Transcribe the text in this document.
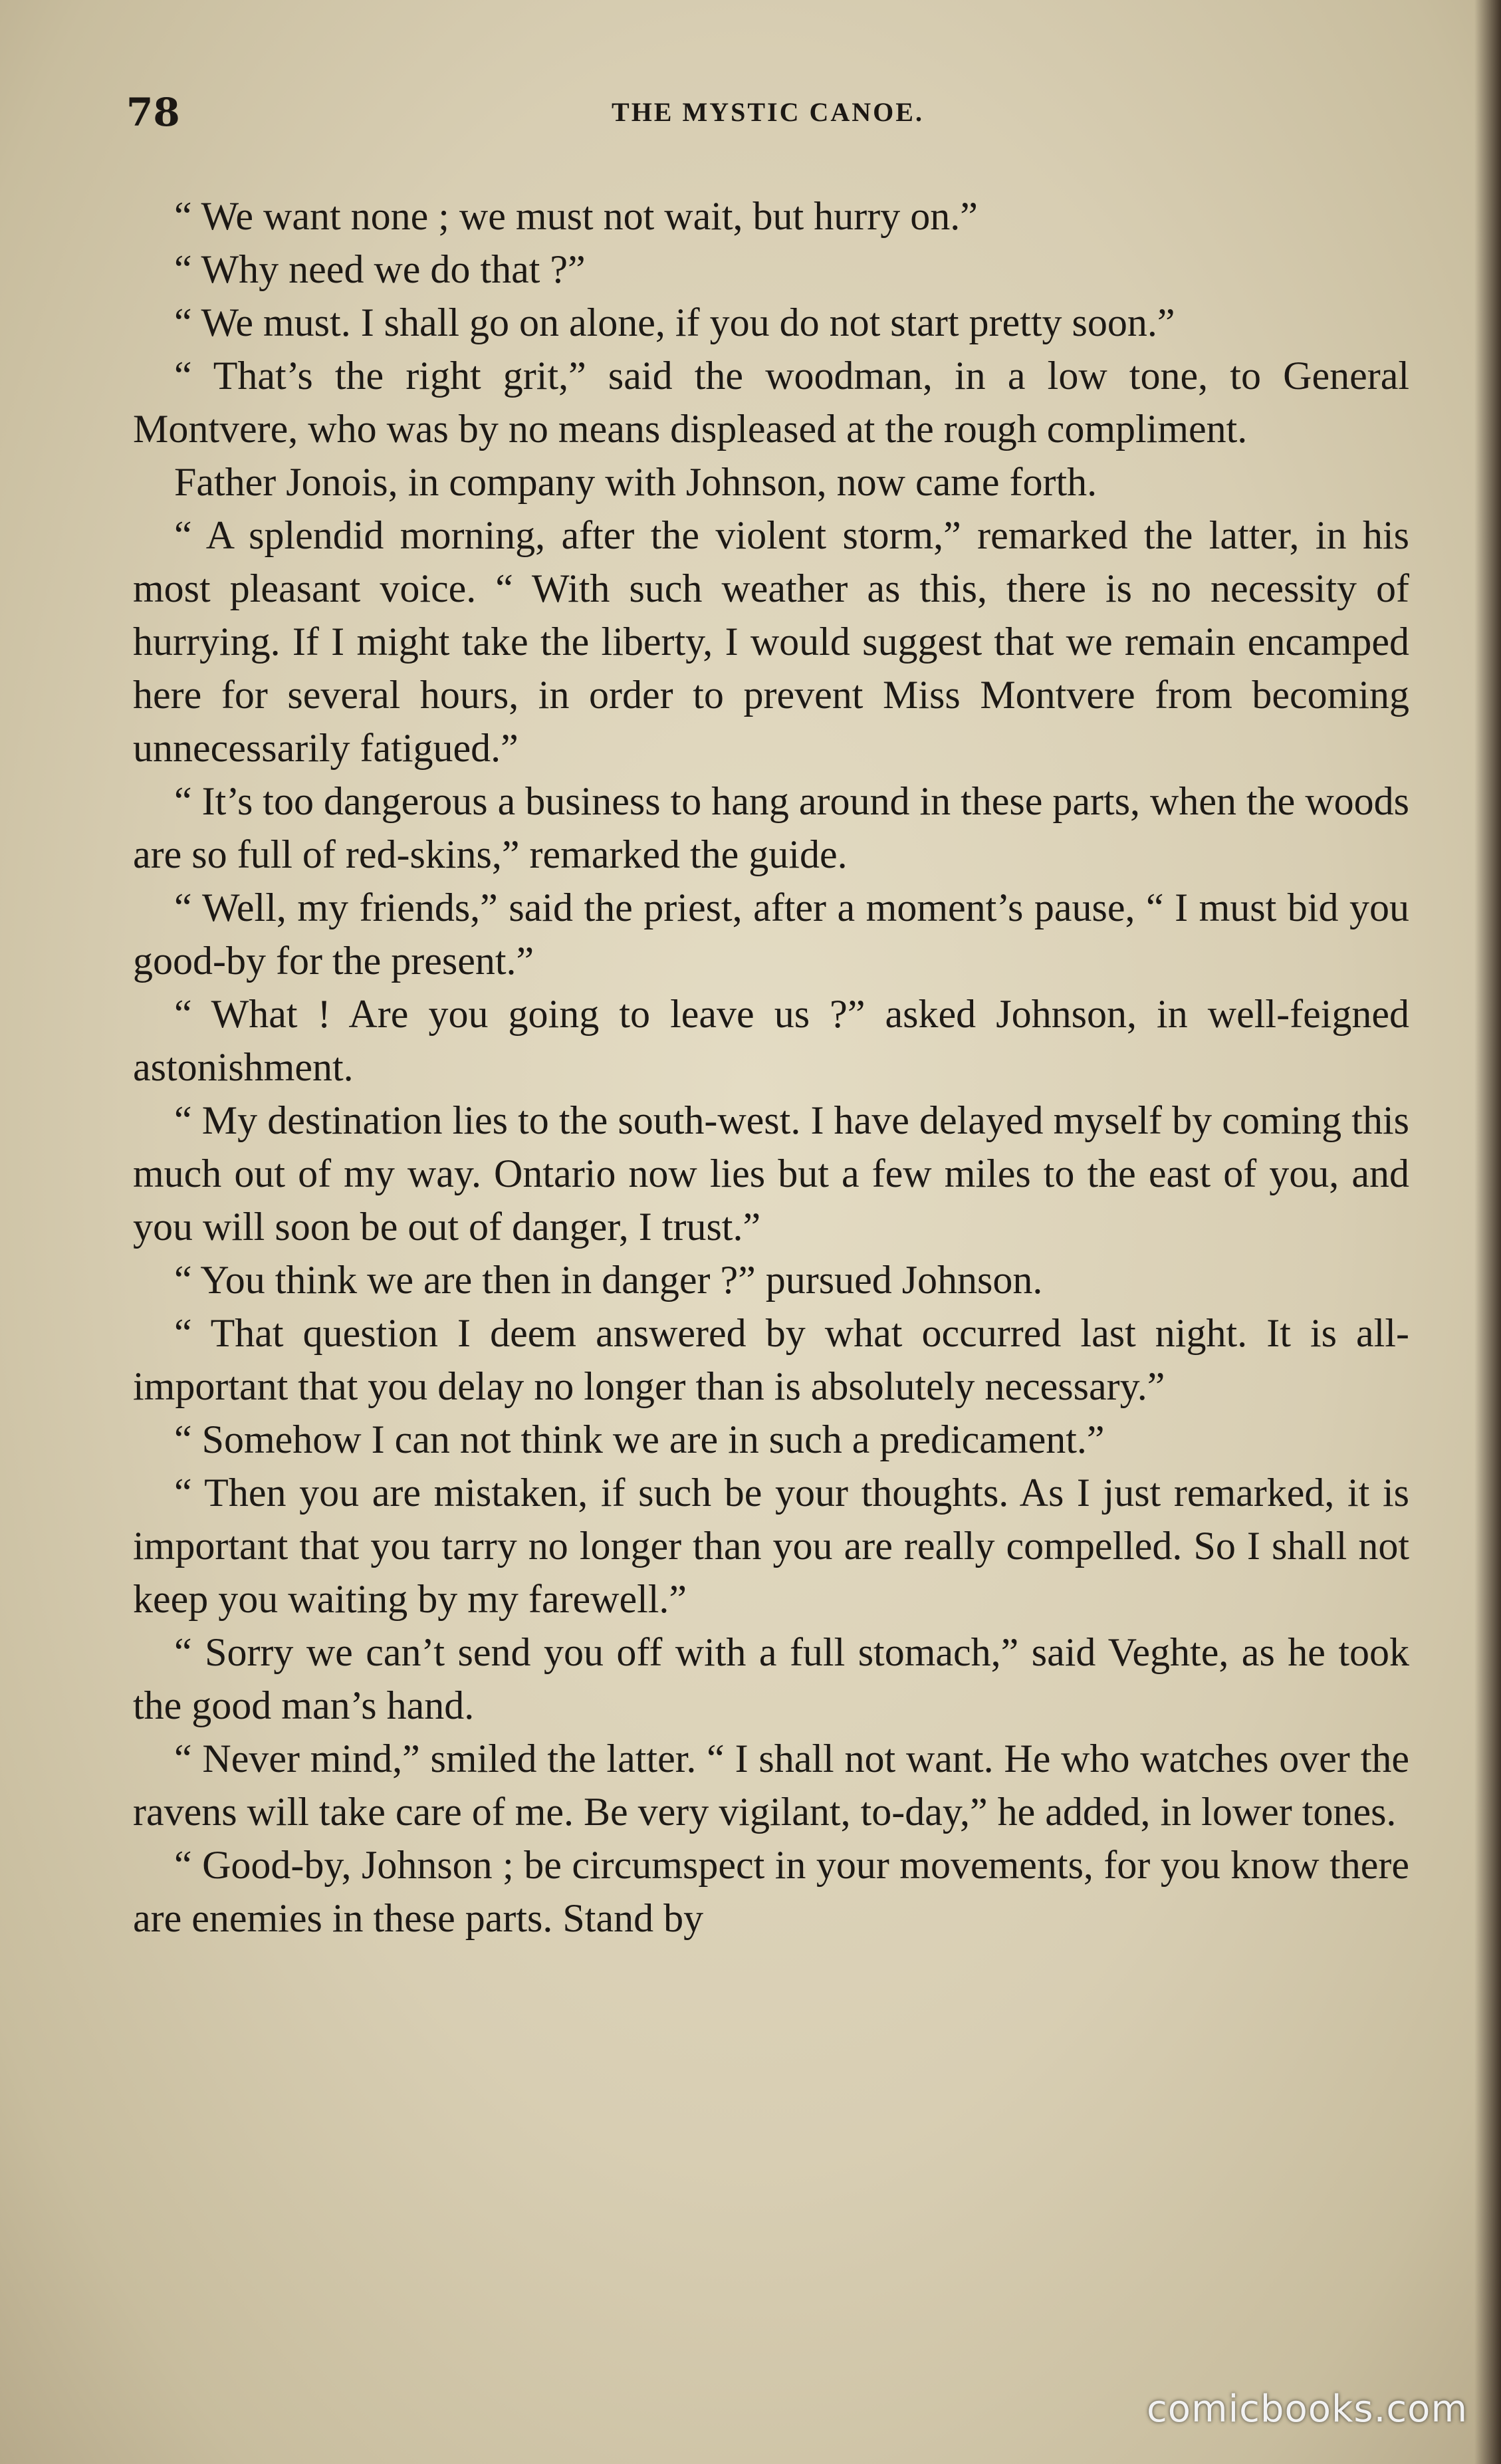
78	THE MYSTIC CANOE.

“ We want none ; we must not wait, but hurry on.”

“ Why need we do that ?”

“ We must. I shall go on alone, if you do not start pretty soon.”

“ That’s the right grit,” said the woodman, in a low tone, to General Montvere, who was by no means displeased at the rough compliment.

Father Jonois, in company with Johnson, now came forth.

“ A splendid morning, after the violent storm,” remarked the latter, in his most pleasant voice. “ With such weather as this, there is no necessity of hurrying. If I might take the liberty, I would suggest that we remain encamped here for several hours, in order to prevent Miss Montvere from becoming unnecessarily fatigued.”

“ It’s too dangerous a business to hang around in these parts, when the woods are so full of red-skins,” remarked the guide.

“ Well, my friends,” said the priest, after a moment’s pause, “ I must bid you good-by for the present.”

“ What ! Are you going to leave us ?” asked Johnson, in well-feigned astonishment.

“ My destination lies to the south-west. I have delayed myself by coming this much out of my way. Ontario now lies but a few miles to the east of you, and you will soon be out of danger, I trust.”

“ You think we are then in danger ?” pursued Johnson.

“ That question I deem answered by what occurred last night. It is all-important that you delay no longer than is absolutely necessary.”

“ Somehow I can not think we are in such a predicament.”

“ Then you are mistaken, if such be your thoughts. As I just remarked, it is important that you tarry no longer than you are really compelled. So I shall not keep you waiting by my farewell.”

“ Sorry we can’t send you off with a full stomach,” said Veghte, as he took the good man’s hand.

“ Never mind,” smiled the latter. “ I shall not want. He who watches over the ravens will take care of me. Be very vigilant, to-day,” he added, in lower tones.

“ Good-by, Johnson ; be circumspect in your movements, for you know there are enemies in these parts. Stand by

comicbooks.com
